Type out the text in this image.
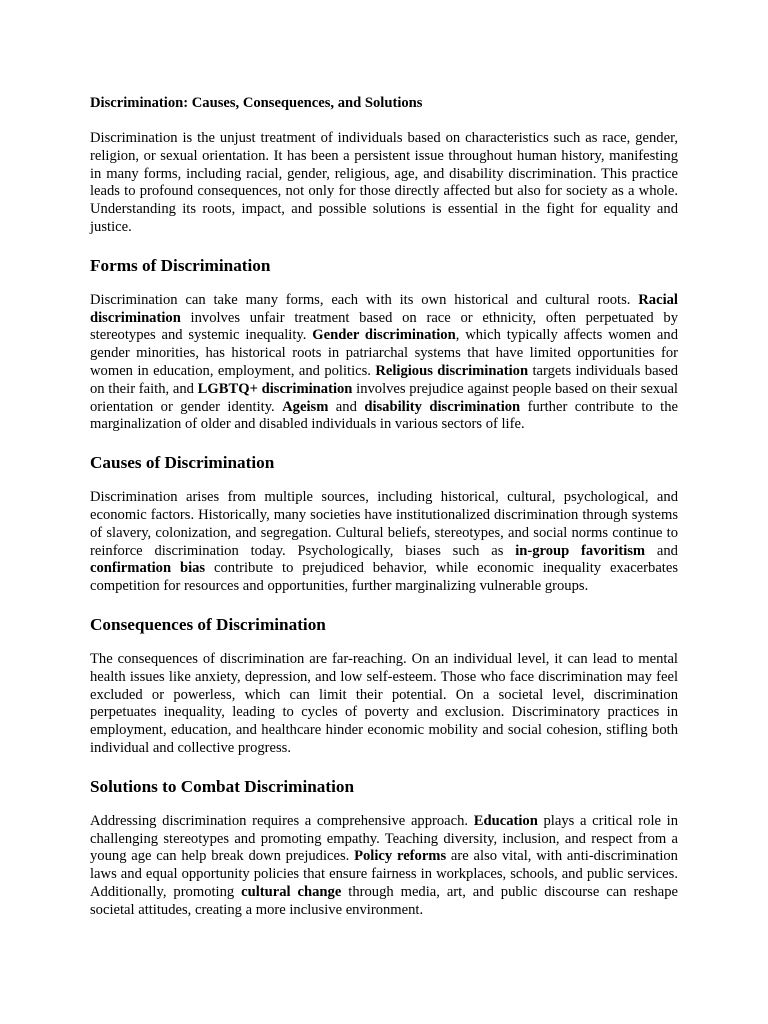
Discrimination: Causes, Consequences, and Solutions

Discrimination is the unjust treatment of individuals based on characteristics such as race, gender, religion, or sexual orientation. It has been a persistent issue throughout human history, manifesting in many forms, including racial, gender, religious, age, and disability discrimination. This practice leads to profound consequences, not only for those directly affected but also for society as a whole. Understanding its roots, impact, and possible solutions is essential in the fight for equality and justice.

Forms of Discrimination

Discrimination can take many forms, each with its own historical and cultural roots. Racial discrimination involves unfair treatment based on race or ethnicity, often perpetuated by stereotypes and systemic inequality. Gender discrimination, which typically affects women and gender minorities, has historical roots in patriarchal systems that have limited opportunities for women in education, employment, and politics. Religious discrimination targets individuals based on their faith, and LGBTQ+ discrimination involves prejudice against people based on their sexual orientation or gender identity. Ageism and disability discrimination further contribute to the marginalization of older and disabled individuals in various sectors of life.

Causes of Discrimination

Discrimination arises from multiple sources, including historical, cultural, psychological, and economic factors. Historically, many societies have institutionalized discrimination through systems of slavery, colonization, and segregation. Cultural beliefs, stereotypes, and social norms continue to reinforce discrimination today. Psychologically, biases such as in-group favoritism and confirmation bias contribute to prejudiced behavior, while economic inequality exacerbates competition for resources and opportunities, further marginalizing vulnerable groups.

Consequences of Discrimination

The consequences of discrimination are far-reaching. On an individual level, it can lead to mental health issues like anxiety, depression, and low self-esteem. Those who face discrimination may feel excluded or powerless, which can limit their potential. On a societal level, discrimination perpetuates inequality, leading to cycles of poverty and exclusion. Discriminatory practices in employment, education, and healthcare hinder economic mobility and social cohesion, stifling both individual and collective progress.

Solutions to Combat Discrimination

Addressing discrimination requires a comprehensive approach. Education plays a critical role in challenging stereotypes and promoting empathy. Teaching diversity, inclusion, and respect from a young age can help break down prejudices. Policy reforms are also vital, with anti-discrimination laws and equal opportunity policies that ensure fairness in workplaces, schools, and public services. Additionally, promoting cultural change through media, art, and public discourse can reshape societal attitudes, creating a more inclusive environment.
